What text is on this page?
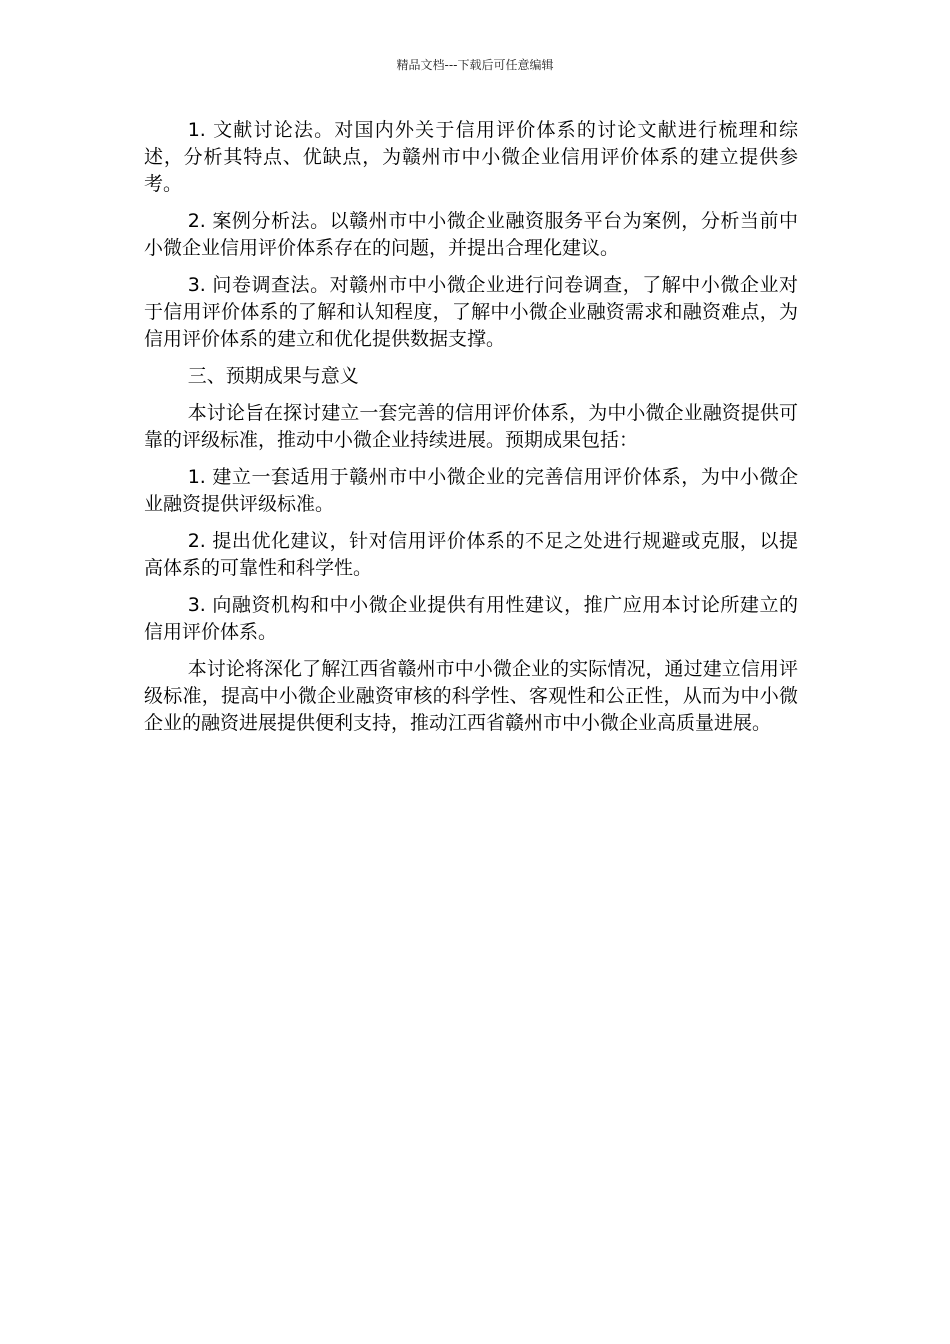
精品文档---下载后可任意编辑

1. 文献讨论法。对国内外关于信用评价体系的讨论文献进行梳理和综述，分析其特点、优缺点，为赣州市中小微企业信用评价体系的建立提供参考。

2. 案例分析法。以赣州市中小微企业融资服务平台为案例，分析当前中小微企业信用评价体系存在的问题，并提出合理化建议。

3. 问卷调查法。对赣州市中小微企业进行问卷调查，了解中小微企业对于信用评价体系的了解和认知程度，了解中小微企业融资需求和融资难点，为信用评价体系的建立和优化提供数据支撑。

三、预期成果与意义

本讨论旨在探讨建立一套完善的信用评价体系，为中小微企业融资提供可靠的评级标准，推动中小微企业持续进展。预期成果包括：

1. 建立一套适用于赣州市中小微企业的完善信用评价体系，为中小微企业融资提供评级标准。

2. 提出优化建议，针对信用评价体系的不足之处进行规避或克服，以提高体系的可靠性和科学性。

3. 向融资机构和中小微企业提供有用性建议，推广应用本讨论所建立的信用评价体系。

本讨论将深化了解江西省赣州市中小微企业的实际情况，通过建立信用评级标准，提高中小微企业融资审核的科学性、客观性和公正性，从而为中小微企业的融资进展提供便利支持，推动江西省赣州市中小微企业高质量进展。
